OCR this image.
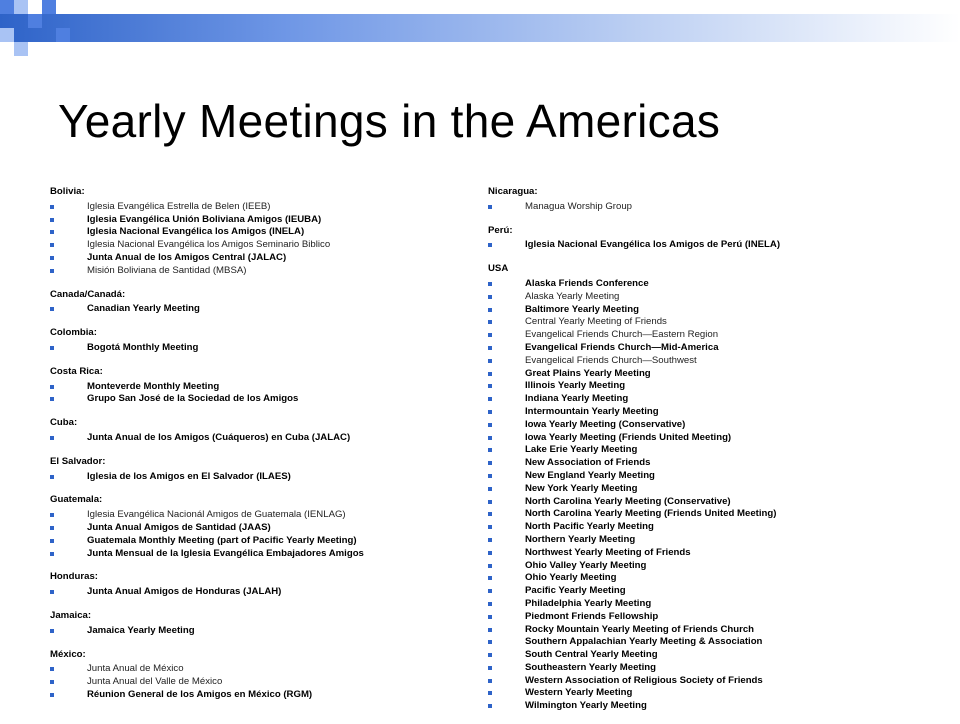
Yearly Meetings in the Americas
Bolivia:
Iglesia Evangélica Estrella de Belen (IEEB)
Iglesia Evangélica Unión Boliviana Amigos (IEUBA)
Iglesia Nacional Evangélica los Amigos (INELA)
Iglesia Nacional Evangélica los Amigos Seminario Biblico
Junta Anual de los Amigos Central (JALAC)
Misión Boliviana de Santidad (MBSA)
Canada/Canadá:
Canadian Yearly Meeting
Colombia:
Bogotá Monthly Meeting
Costa Rica:
Monteverde Monthly Meeting
Grupo San José de la Sociedad de los Amigos
Cuba:
Junta Anual de los Amigos (Cuáqueros) en Cuba (JALAC)
El Salvador:
Iglesia de los Amigos en El Salvador (ILAES)
Guatemala:
Iglesia Evangélica Nacionál Amigos de Guatemala (IENLAG)
Junta Anual Amigos de Santidad (JAAS)
Guatemala Monthly Meeting (part of Pacific Yearly Meeting)
Junta Mensual de la Iglesia Evangélica Embajadores Amigos
Honduras:
Junta Anual Amigos de Honduras (JALAH)
Jamaica:
Jamaica Yearly Meeting
México:
Junta Anual de México
Junta Anual del Valle de México
Réunion General de los Amigos en México (RGM)
Nicaragua:
Managua Worship Group
Perú:
Iglesia Nacional Evangélica los Amigos de Perú (INELA)
USA
Alaska Friends Conference
Alaska Yearly Meeting
Baltimore Yearly Meeting
Central Yearly Meeting of Friends
Evangelical Friends Church—Eastern Region
Evangelical Friends Church—Mid-America
Evangelical Friends Church—Southwest
Great Plains Yearly Meeting
Illinois Yearly Meeting
Indiana Yearly Meeting
Intermountain Yearly Meeting
Iowa Yearly Meeting (Conservative)
Iowa Yearly Meeting (Friends United Meeting)
Lake Erie Yearly Meeting
New Association of Friends
New England Yearly Meeting
New York Yearly Meeting
North Carolina Yearly Meeting (Conservative)
North Carolina Yearly Meeting (Friends United Meeting)
North Pacific Yearly Meeting
Northern Yearly Meeting
Northwest Yearly Meeting of Friends
Ohio Valley Yearly Meeting
Ohio Yearly Meeting
Pacific Yearly Meeting
Philadelphia Yearly Meeting
Piedmont Friends Fellowship
Rocky Mountain Yearly Meeting of Friends Church
Southern Appalachian Yearly Meeting & Association
South Central Yearly Meeting
Southeastern Yearly Meeting
Western Association of Religious Society of Friends
Western Yearly Meeting
Wilmington Yearly Meeting
